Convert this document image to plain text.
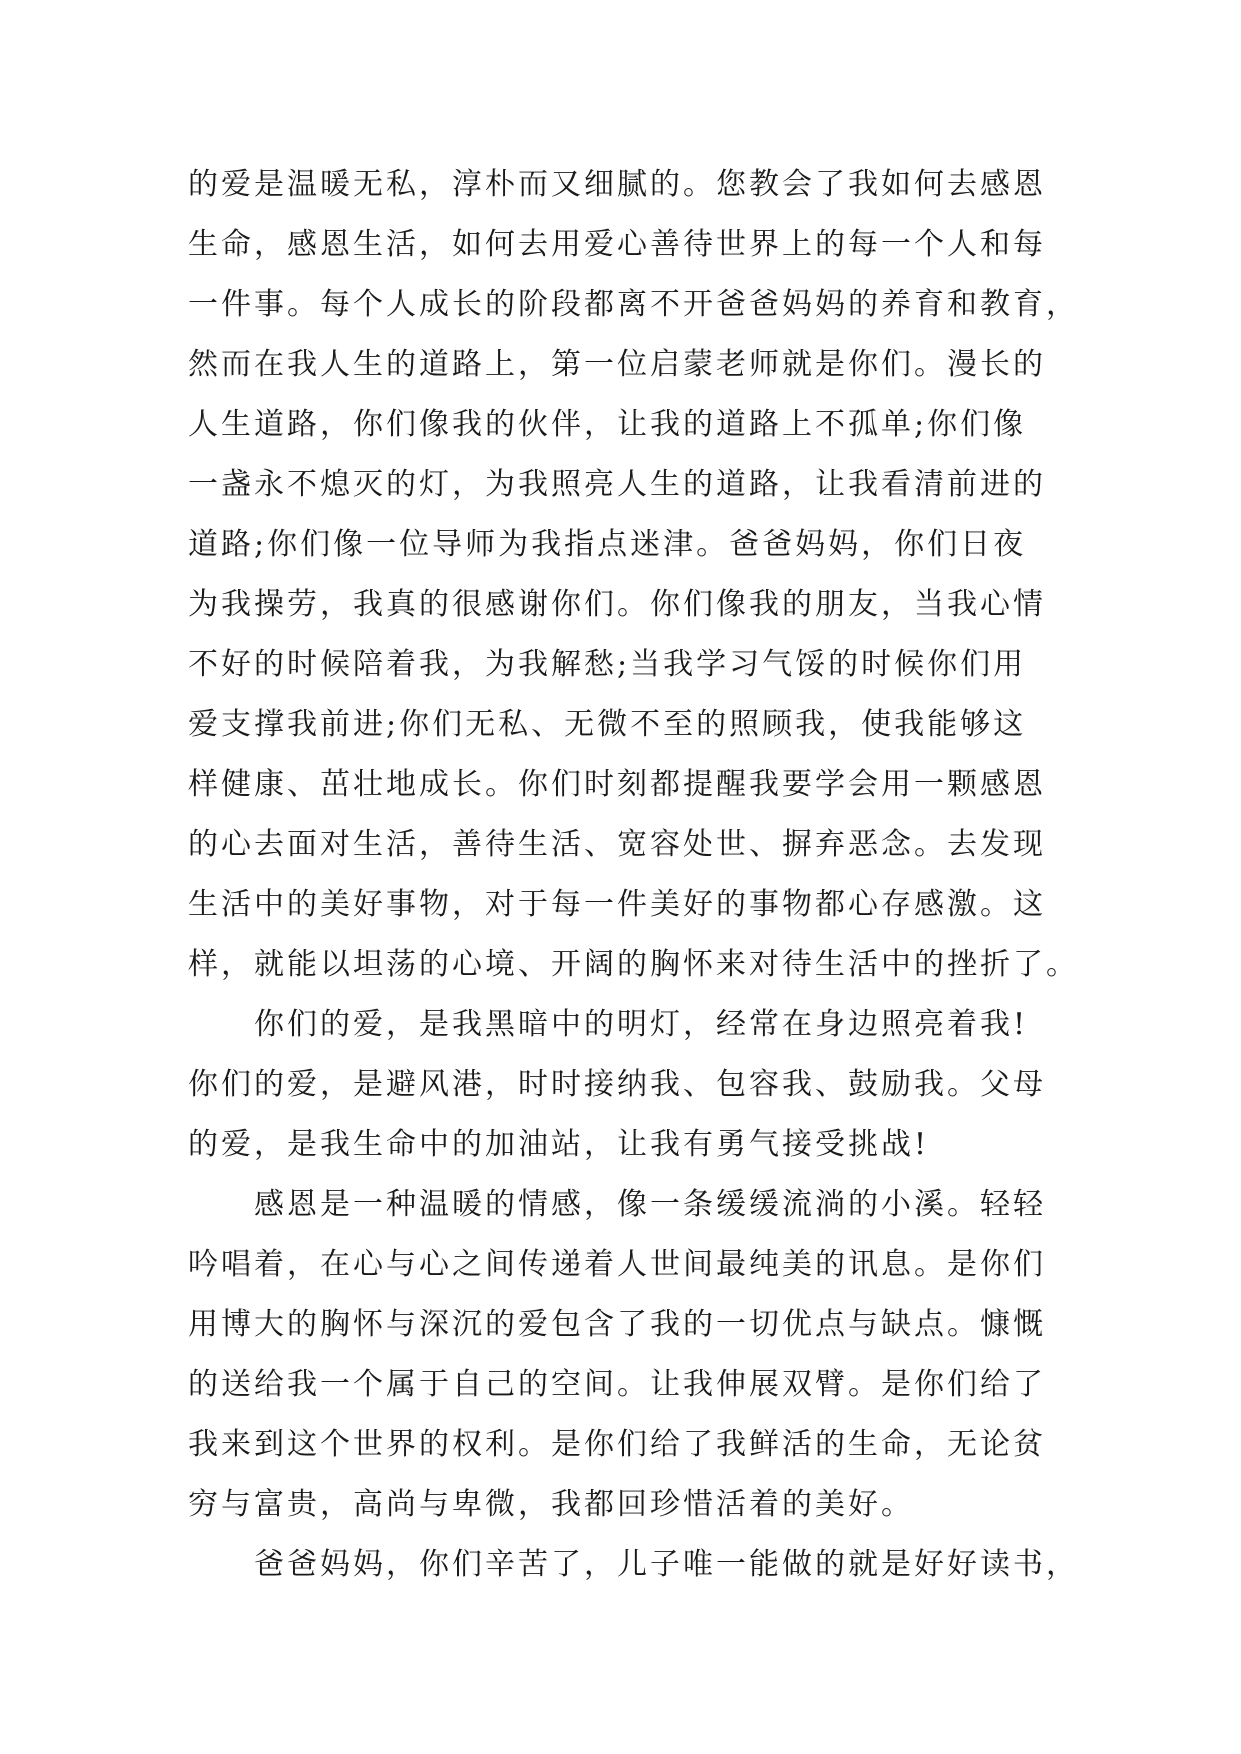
的爱是温暖无私，淳朴而又细腻的。您教会了我如何去感恩
生命，感恩生活，如何去用爱心善待世界上的每一个人和每
一件事。每个人成长的阶段都离不开爸爸妈妈的养育和教育，
然而在我人生的道路上，第一位启蒙老师就是你们。漫长的
人生道路，你们像我的伙伴，让我的道路上不孤单;你们像
一盏永不熄灭的灯，为我照亮人生的道路，让我看清前进的
道路;你们像一位导师为我指点迷津。爸爸妈妈，你们日夜
为我操劳，我真的很感谢你们。你们像我的朋友，当我心情
不好的时候陪着我，为我解愁;当我学习气馁的时候你们用
爱支撑我前进;你们无私、无微不至的照顾我，使我能够这
样健康、茁壮地成长。你们时刻都提醒我要学会用一颗感恩
的心去面对生活，善待生活、宽容处世、摒弃恶念。去发现
生活中的美好事物，对于每一件美好的事物都心存感激。这
样，就能以坦荡的心境、开阔的胸怀来对待生活中的挫折了。
你们的爱，是我黑暗中的明灯，经常在身边照亮着我!
你们的爱，是避风港，时时接纳我、包容我、鼓励我。父母
的爱，是我生命中的加油站，让我有勇气接受挑战!
感恩是一种温暖的情感，像一条缓缓流淌的小溪。轻轻
吟唱着，在心与心之间传递着人世间最纯美的讯息。是你们
用博大的胸怀与深沉的爱包含了我的一切优点与缺点。慷慨
的送给我一个属于自己的空间。让我伸展双臂。是你们给了
我来到这个世界的权利。是你们给了我鲜活的生命，无论贫
穷与富贵，高尚与卑微，我都回珍惜活着的美好。
爸爸妈妈，你们辛苦了，儿子唯一能做的就是好好读书，
